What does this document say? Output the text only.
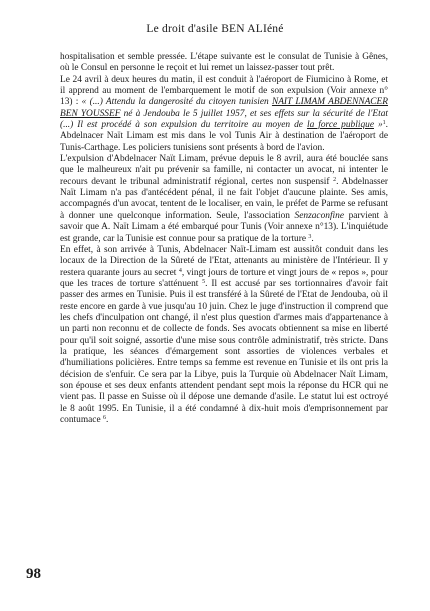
Le droit d'asile BEN ALIéné

hospitalisation et semble pressée. L'étape suivante est le consulat de Tunisie à Gênes, où le Consul en personne le reçoit et lui remet un laissez-passer tout prêt.

Le 24 avril à deux heures du matin, il est conduit à l'aéroport de Fiumicino à Rome, et il apprend au moment de l'embarquement le motif de son expulsion (Voir annexe n° 13) : « (...) Attendu la dangerosité du citoyen tunisien NAIT LIMAM ABDENNACER BEN YOUSSEF né à Jendouba le 5 juillet 1957, et ses effets sur la sécurité de l'Etat (...) Il est procédé à son expulsion du territoire au moyen de la force publique »$^1$. Abdelnacer Naït Limam est mis dans le vol Tunis Air à destination de l'aéroport de Tunis-Carthage. Les policiers tunisiens sont présents à bord de l'avion.

L'expulsion d'Abdelnacer Naït Limam, prévue depuis le 8 avril, aura été bouclée sans que le malheureux n'ait pu prévenir sa famille, ni contacter un avocat, ni intenter le recours devant le tribunal administratif régional, certes non suspensif $^2$. Abdelnasser Naït Limam n'a pas d'antécédent pénal, il ne fait l'objet d'aucune plainte. Ses amis, accompagnés d'un avocat, tentent de le localiser, en vain, le préfet de Parme se refusant à donner une quelconque information. Seule, l'association Senzaconfine parvient à savoir que A. Naït Limam a été embarqué pour Tunis (Voir annexe n°13). L'inquiétude est grande, car la Tunisie est connue pour sa pratique de la torture $^3$.

En effet, à son arrivée à Tunis, Abdelnacer Naït-Limam est aussitôt conduit dans les locaux de la Direction de la Sûreté de l'Etat, attenants au ministère de l'Intérieur. Il y restera quarante jours au secret $^4$, vingt jours de torture et vingt jours de « repos », pour que les traces de torture s'atténuent $^5$. Il est accusé par ses tortionnaires d'avoir fait passer des armes en Tunisie. Puis il est transféré à la Sûreté de l'Etat de Jendouba, où il reste encore en garde à vue jusqu'au 10 juin. Chez le juge d'instruction il comprend que les chefs d'inculpation ont changé, il n'est plus question d'armes mais d'appartenance à un parti non reconnu et de collecte de fonds. Ses avocats obtiennent sa mise en liberté pour qu'il soit soigné, assortie d'une mise sous contrôle administratif, très stricte. Dans la pratique, les séances d'émargement sont assorties de violences verbales et d'humiliations policières. Entre temps sa femme est revenue en Tunisie et ils ont pris la décision de s'enfuir. Ce sera par la Libye, puis la Turquie où Abdelnacer Naït Limam, son épouse et ses deux enfants attendent pendant sept mois la réponse du HCR qui ne vient pas. Il passe en Suisse où il dépose une demande d'asile. Le statut lui est octroyé le 8 août 1995. En Tunisie, il a été condamné à dix-huit mois d'emprisonnement par contumace $^6$.

98
